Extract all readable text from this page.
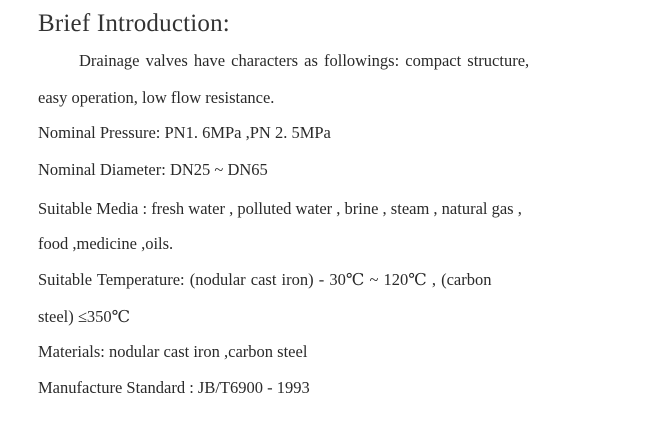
Brief Introduction:
Drainage valves have characters as followings: compact structure,
easy operation, low flow resistance.
Nominal Pressure: PN1. 6MPa ,PN 2. 5MPa
Nominal Diameter: DN25 ~ DN65
Suitable Media : fresh water , polluted water , brine , steam , natural gas ,
food ,medicine ,oils.
Suitable Temperature: (nodular cast iron) - 30℃ ~ 120℃ , (carbon
steel) ≤350℃
Materials: nodular cast iron ,carbon steel
Manufacture Standard : JB/T6900 - 1993
